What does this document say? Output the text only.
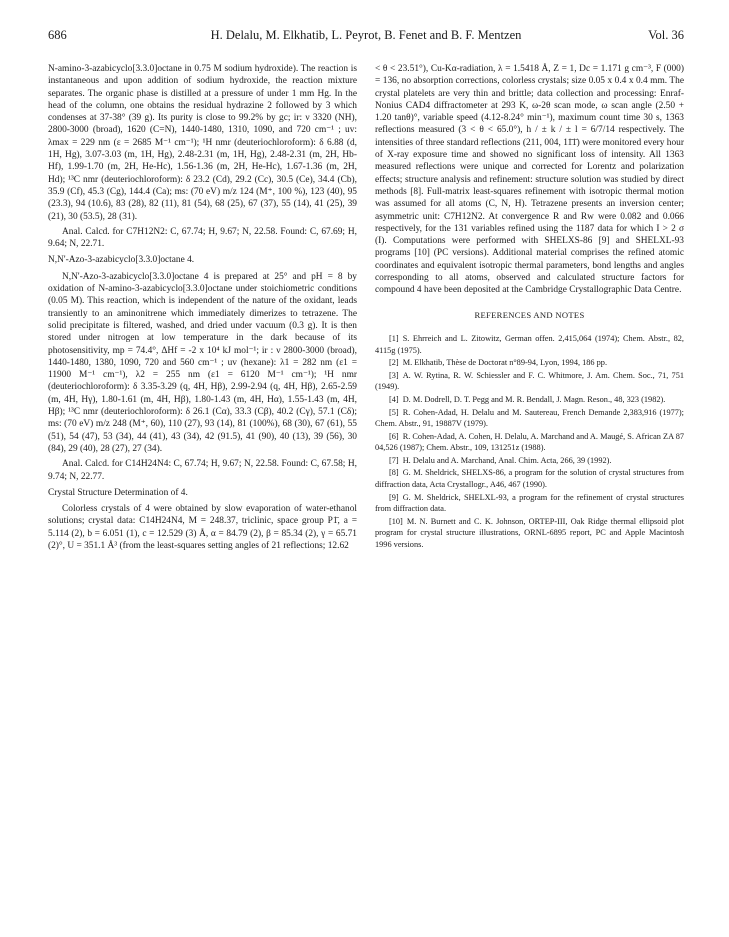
686	H. Delalu, M. Elkhatib, L. Peyrot, B. Fenet and B. F. Mentzen	Vol. 36

N-amino-3-azabicyclo[3.3.0]octane in 0.75 M sodium hydroxide). The reaction is instantaneous and upon addition of sodium hydroxide, the reaction mixture separates. The organic phase is distilled at a pressure of under 1 mm Hg. In the head of the column, one obtains the residual hydrazine 2 followed by 3 which condenses at 37-38° (39 g). Its purity is close to 99.2% by gc; ir: ν 3320 (NH), 2800-3000 (broad), 1620 (C=N), 1440-1480, 1310, 1090, and 720 cm⁻¹ ; uv: λmax = 229 nm (ε = 2685 M⁻¹ cm⁻¹); ¹H nmr (deuteriochloroform): δ 6.88 (d, 1H, Hg), 3.07-3.03 (m, 1H, Hg), 2.48-2.31 (m, 1H, Hg), 2.48-2.31 (m, 2H, Hb-Hf), 1.99-1.70 (m, 2H, He-Hc), 1.56-1.36 (m, 2H, He-Hc), 1.67-1.36 (m, 2H, Hd); ¹³C nmr (deuteriochloroform): δ 23.2 (Cd), 29.2 (Cc), 30.5 (Ce), 34.4 (Cb), 35.9 (Cf), 45.3 (Cg), 144.4 (Ca); ms: (70 eV) m/z 124 (M⁺, 100 %), 123 (40), 95 (23.3), 94 (10.6), 83 (28), 82 (11), 81 (54), 68 (25), 67 (37), 55 (14), 41 (25), 39 (21), 30 (53.5), 28 (31).

Anal. Calcd. for C7H12N2: C, 67.74; H, 9.67; N, 22.58. Found: C, 67.69; H, 9.64; N, 22.71.

N,N'-Azo-3-azabicyclo[3.3.0]octane 4.

N,N'-Azo-3-azabicyclo[3.3.0]octane 4 is prepared at 25° and pH = 8 by oxidation of N-amino-3-azabicyclo[3.3.0]octane under stoichiometric conditions (0.05 M). This reaction, which is independent of the nature of the oxidant, leads transiently to an aminonitrene which immediately dimerizes to tetrazene. The solid precipitate is filtered, washed, and dried under vacuum (0.3 g). It is then stored under nitrogen at low temperature in the dark because of its photosensitivity, mp = 74.4°, ΔHf = -2 x 10⁴ kJ mol⁻¹; ir : ν 2800-3000 (broad), 1440-1480, 1380, 1090, 720 and 560 cm⁻¹ ; uv (hexane): λ1 = 282 nm (ε1 = 11900 M⁻¹ cm⁻¹), λ2 = 255 nm (ε1 = 6120 M⁻¹ cm⁻¹); ¹H nmr (deuteriochloroform): δ 3.35-3.29 (q, 4H, Hβ), 2.99-2.94 (q, 4H, Hβ), 2.65-2.59 (m, 4H, Hγ), 1.80-1.61 (m, 4H, Hβ), 1.80-1.43 (m, 4H, Hα), 1.55-1.43 (m, 4H, Hβ); ¹³C nmr (deuteriochloroform): δ 26.1 (Cα), 33.3 (Cβ), 40.2 (Cγ), 57.1 (Cδ); ms: (70 eV) m/z 248 (M⁺, 60), 110 (27), 93 (14), 81 (100%), 68 (30), 67 (61), 55 (51), 54 (47), 53 (34), 44 (41), 43 (34), 42 (91.5), 41 (90), 40 (13), 39 (56), 30 (84), 29 (40), 28 (27), 27 (34).

Anal. Calcd. for C14H24N4: C, 67.74; H, 9.67; N, 22.58. Found: C, 67.58; H, 9.74; N, 22.77.

Crystal Structure Determination of 4.

Colorless crystals of 4 were obtained by slow evaporation of water-ethanol solutions; crystal data: C14H24N4, M = 248.37, triclinic, space group P1̄, a = 5.114 (2), b = 6.051 (1), c = 12.529 (3) Å, α = 84.79 (2), β = 85.34 (2), γ = 65.71 (2)°, U = 351.1 Å³ (from the least-squares setting angles of 21 reflections; 12.62

< θ < 23.51°), Cu-Kα-radiation, λ = 1.5418 Å, Z = 1, Dc = 1.171 g cm⁻³, F (000) = 136, no absorption corrections, colorless crystals; size 0.05 x 0.4 x 0.4 mm. The crystal platelets are very thin and brittle; data collection and processing: Enraf-Nonius CAD4 diffractometer at 293 K, ω-2θ scan mode, ω scan angle (2.50 + 1.20 tanθ)°, variable speed (4.12-8.24° min⁻¹), maximum count time 30 s, 1363 reflections measured (3 < θ < 65.0°), h / ± k / ± l = 6/7/14 respectively. The intensities of three standard reflections (211, 004, 11̄1̄) were monitored every hour of X-ray exposure time and showed no significant loss of intensity. All 1363 measured reflections were unique and corrected for Lorentz and polarization effects; structure analysis and refinement: structure solution was studied by direct methods [8]. Full-matrix least-squares refinement with isotropic thermal motion was assumed for all atoms (C, N, H). Tetrazene presents an inversion center; asymmetric unit: C7H12N2. At convergence R and Rw were 0.082 and 0.066 respectively, for the 131 variables refined using the 1187 data for which I > 2 σ (I). Computations were performed with SHELXS-86 [9] and SHELXL-93 programs [10] (PC versions). Additional material comprises the refined atomic coordinates and equivalent isotropic thermal parameters, bond lengths and angles corresponding to all atoms, observed and calculated structure factors for compound 4 have been deposited at the Cambridge Crystallographic Data Centre.

REFERENCES AND NOTES

[1] S. Ehrreich and L. Zitowitz, German offen. 2,415,064 (1974); Chem. Abstr., 82, 4115g (1975).

[2] M. Elkhatib, Thèse de Doctorat n°89-94, Lyon, 1994, 186 pp.

[3] A. W. Rytina, R. W. Schiessler and F. C. Whitmore, J. Am. Chem. Soc., 71, 751 (1949).

[4] D. M. Dodrell, D. T. Pegg and M. R. Bendall, J. Magn. Reson., 48, 323 (1982).

[5] R. Cohen-Adad, H. Delalu and M. Sautereau, French Demande 2,383,916 (1977); Chem. Abstr., 91, 19887V (1979).

[6] R. Cohen-Adad, A. Cohen, H. Delalu, A. Marchand and A. Maugé, S. African ZA 87 04,526 (1987); Chem. Abstr., 109, 131251z (1988).

[7] H. Delalu and A. Marchand, Anal. Chim. Acta, 266, 39 (1992).

[8] G. M. Sheldrick, SHELXS-86, a program for the solution of crystal structures from diffraction data, Acta Crystallogr., A46, 467 (1990).

[9] G. M. Sheldrick, SHELXL-93, a program for the refinement of crystal structures from diffraction data.

[10] M. N. Burnett and C. K. Johnson, ORTEP-III, Oak Ridge thermal ellipsoid plot program for crystal structure illustrations, ORNL-6895 report, PC and Apple Macintosh 1996 versions.
